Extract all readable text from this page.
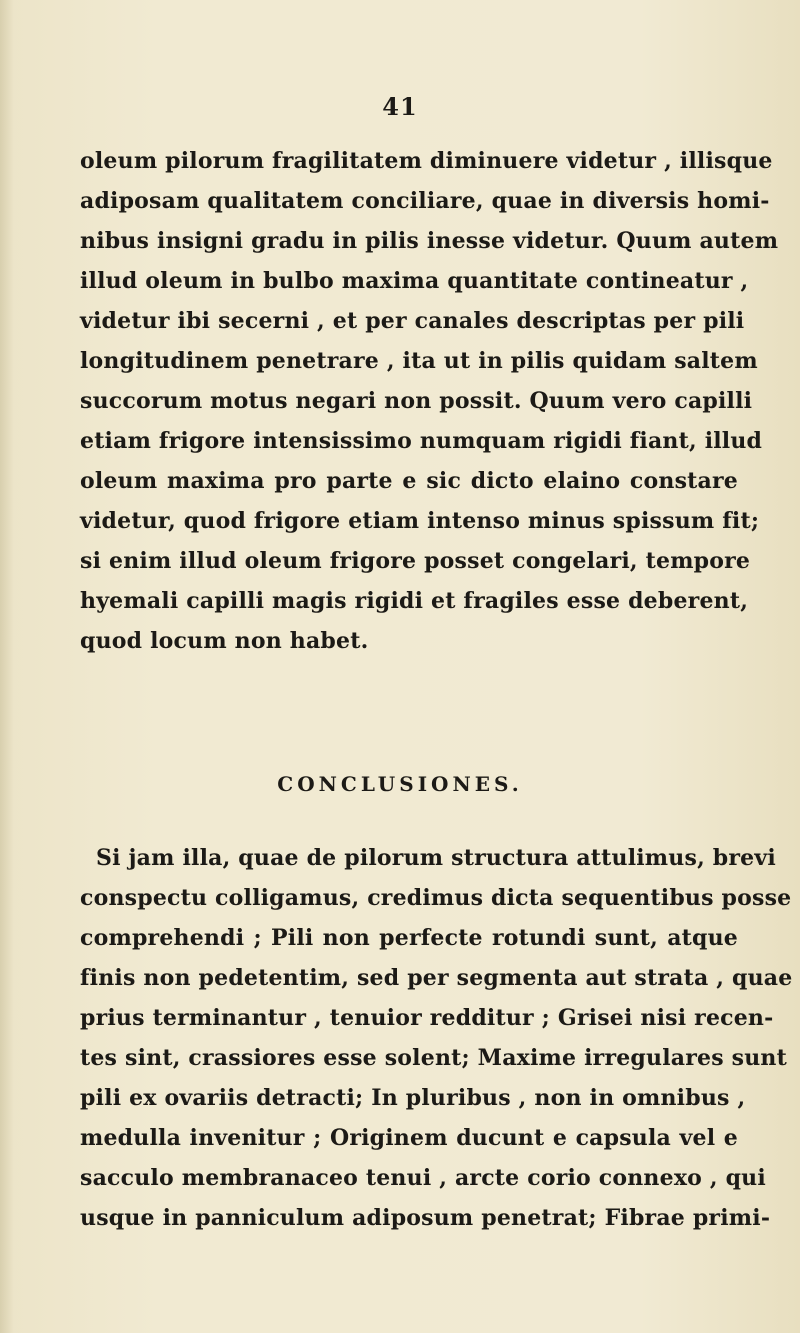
41
oleum pilorum fragilitatem diminuere videtur , illisque
adiposam qualitatem conciliare, quae in diversis homi-
nibus insigni gradu in pilis inesse videtur. Quum autem
illud oleum in bulbo maxima quantitate contineatur ,
videtur ibi secerni , et per canales descriptas per pili
longitudinem penetrare , ita ut in pilis quidam saltem
succorum motus negari non possit. Quum vero capilli
etiam frigore intensissimo numquam rigidi fiant, illud
oleum maxima pro parte e sic dicto elaino constare
videtur, quod frigore etiam intenso minus spissum fit;
si enim illud oleum frigore posset congelari, tempore
hyemali capilli magis rigidi et fragiles esse deberent,
quod locum non habet.
CONCLUSIONES.
Si jam illa, quae de pilorum structura attulimus, brevi
conspectu colligamus, credimus dicta sequentibus posse
comprehendi ; Pili non perfecte rotundi sunt, atque
finis non pedetentim, sed per segmenta aut strata , quae
prius terminantur , tenuior redditur ; Grisei nisi recen-
tes sint, crassiores esse solent; Maxime irregulares sunt
pili ex ovariis detracti; In pluribus , non in omnibus ,
medulla invenitur ; Originem ducunt e capsula vel e
sacculo membranaceo tenui , arcte corio connexo , qui
usque in panniculum adiposum penetrat; Fibrae primi-
